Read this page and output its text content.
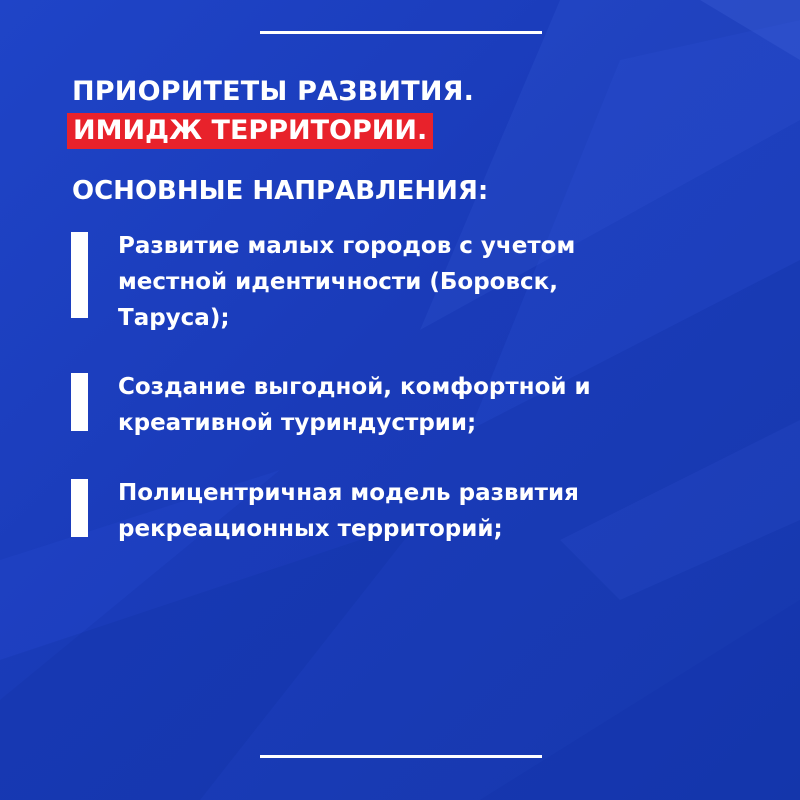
ПРИОРИТЕТЫ РАЗВИТИЯ.
ИМИДЖ ТЕРРИТОРИИ.
ОСНОВНЫЕ НАПРАВЛЕНИЯ:
Развитие малых городов с учетом
местной идентичности (Боровск,
Таруса);
Создание выгодной, комфортной и
креативной туриндустрии;
Полицентричная модель развития
рекреационных территорий;
